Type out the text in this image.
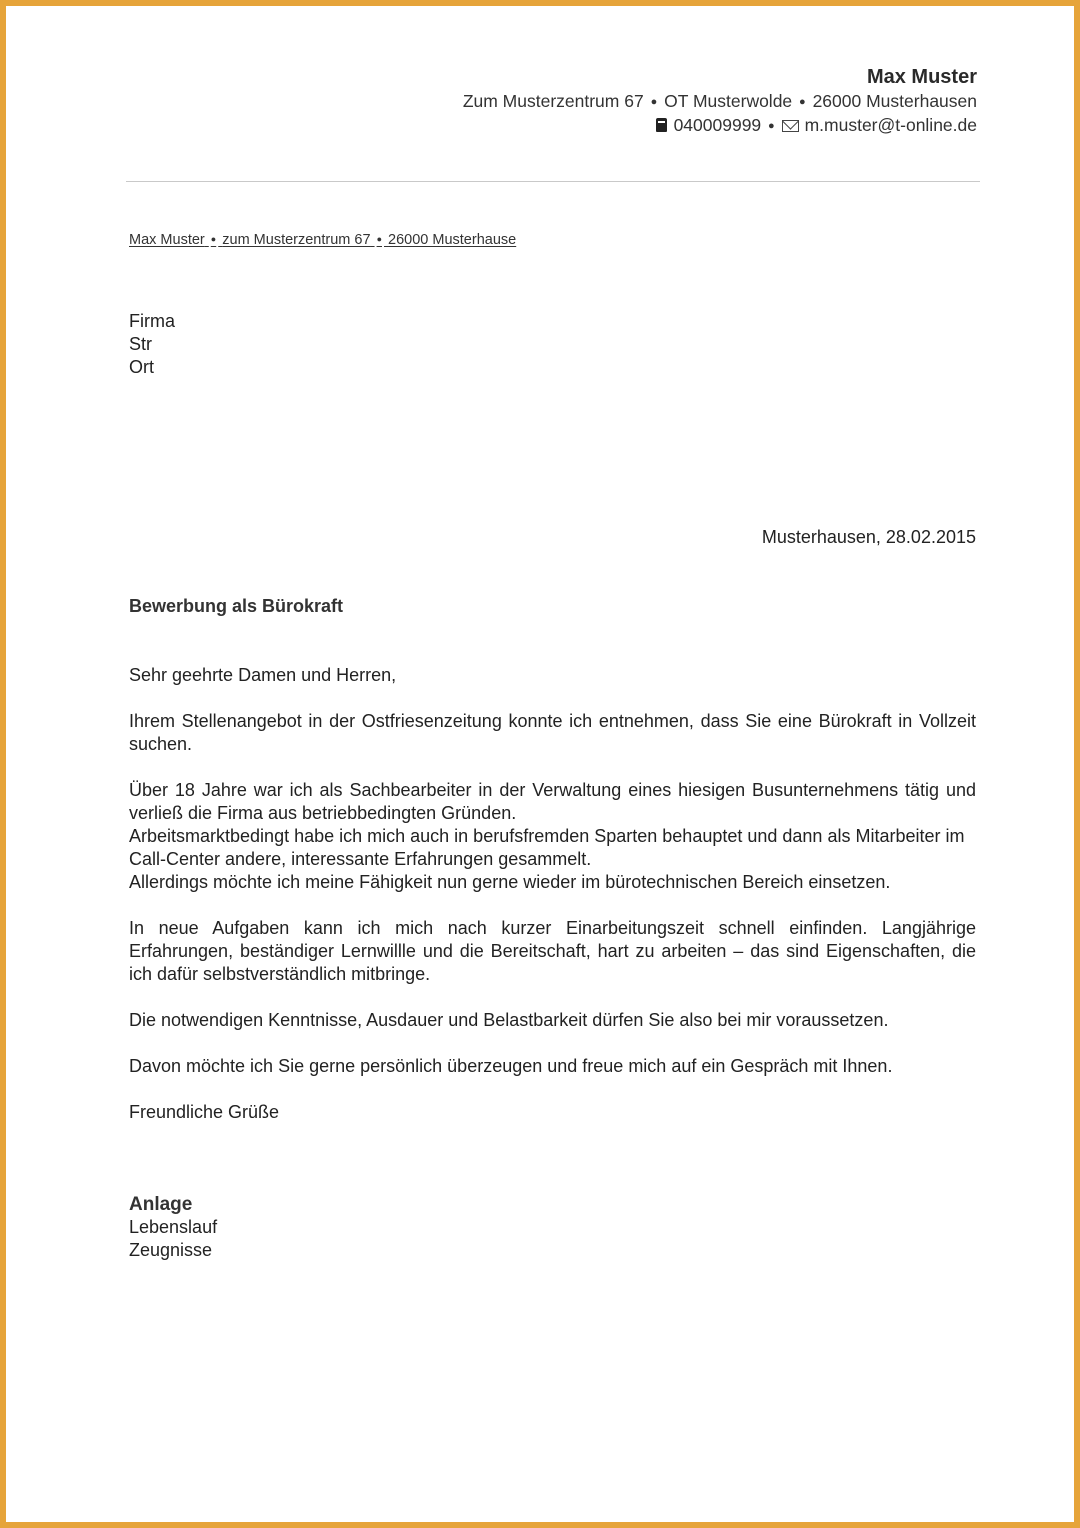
Max Muster
Zum Musterzentrum 67 ● OT Musterwolde ● 26000 Musterhausen
040009999 ● m.muster@t-online.de
Max Muster ● zum Musterzentrum 67 ● 26000 Musterhause
Firma
Str
Ort
Musterhausen, 28.02.2015
Bewerbung als Bürokraft

Sehr geehrte Damen und Herren,

Ihrem Stellenangebot in der Ostfriesenzeitung konnte ich entnehmen, dass Sie eine Bürokraft in Vollzeit suchen.

Über 18 Jahre war ich als Sachbearbeiter in der Verwaltung eines hiesigen Busunternehmens tätig und verließ die Firma aus betriebbedingten Gründen.
Arbeitsmarktbedingt habe ich mich auch in berufsfremden Sparten behauptet und dann als Mitarbeiter im Call-Center andere, interessante Erfahrungen gesammelt.
Allerdings möchte ich meine Fähigkeit nun gerne wieder im bürotechnischen Bereich einsetzen.

In neue Aufgaben kann ich mich nach kurzer Einarbeitungszeit schnell einfinden. Langjährige Erfahrungen, beständiger Lernwillle und die Bereitschaft, hart zu arbeiten – das sind Eigenschaften, die ich dafür selbstverständlich mitbringe.

Die notwendigen Kenntnisse, Ausdauer und Belastbarkeit dürfen Sie also bei mir voraussetzen.

Davon möchte ich Sie gerne persönlich überzeugen und freue mich auf ein Gespräch mit Ihnen.

Freundliche Grüße

Anlage
Lebenslauf
Zeugnisse
